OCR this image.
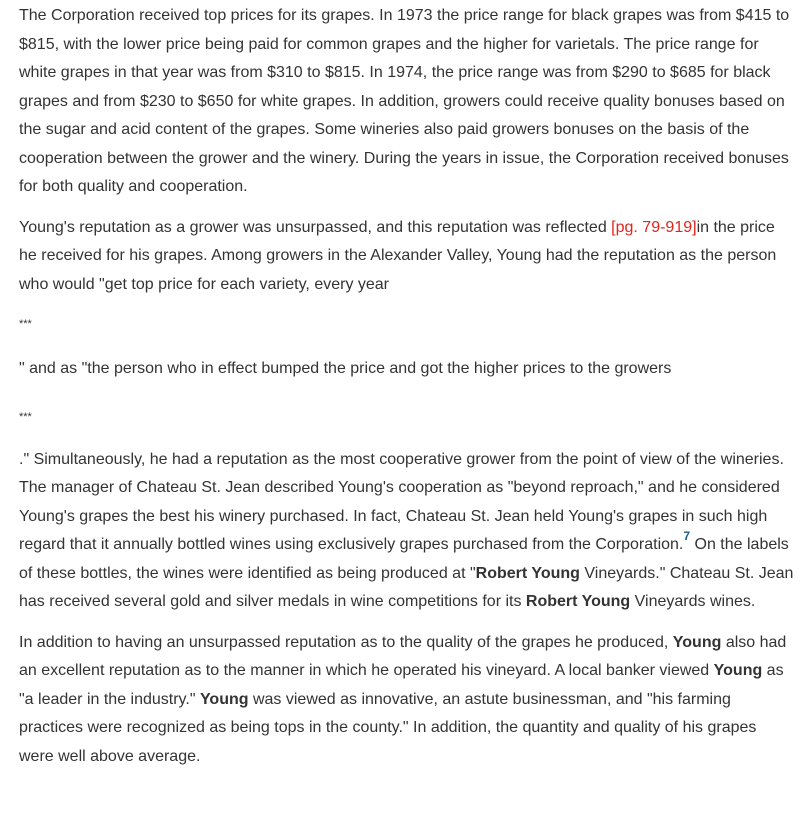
The Corporation received top prices for its grapes. In 1973 the price range for black grapes was from $415 to $815, with the lower price being paid for common grapes and the higher for varietals. The price range for white grapes in that year was from $310 to $815. In 1974, the price range was from $290 to $685 for black grapes and from $230 to $650 for white grapes. In addition, growers could receive quality bonuses based on the sugar and acid content of the grapes. Some wineries also paid growers bonuses on the basis of the cooperation between the grower and the winery. During the years in issue, the Corporation received bonuses for both quality and cooperation.

Young's reputation as a grower was unsurpassed, and this reputation was reflected [pg. 79-919]in the price he received for his grapes. Among growers in the Alexander Valley, Young had the reputation as the person who would "get top price for each variety, every year

***

" and as "the person who in effect bumped the price and got the higher prices to the growers

***

." Simultaneously, he had a reputation as the most cooperative grower from the point of view of the wineries. The manager of Chateau St. Jean described Young's cooperation as "beyond reproach," and he considered Young's grapes the best his winery purchased. In fact, Chateau St. Jean held Young's grapes in such high regard that it annually bottled wines using exclusively grapes purchased from the Corporation.$^7$ On the labels of these bottles, the wines were identified as being produced at "Robert Young Vineyards." Chateau St. Jean has received several gold and silver medals in wine competitions for its Robert Young Vineyards wines.

In addition to having an unsurpassed reputation as to the quality of the grapes he produced, Young also had an excellent reputation as to the manner in which he operated his vineyard. A local banker viewed Young as "a leader in the industry." Young was viewed as innovative, an astute businessman, and "his farming practices were recognized as being tops in the county." In addition, the quantity and quality of his grapes were well above average.
